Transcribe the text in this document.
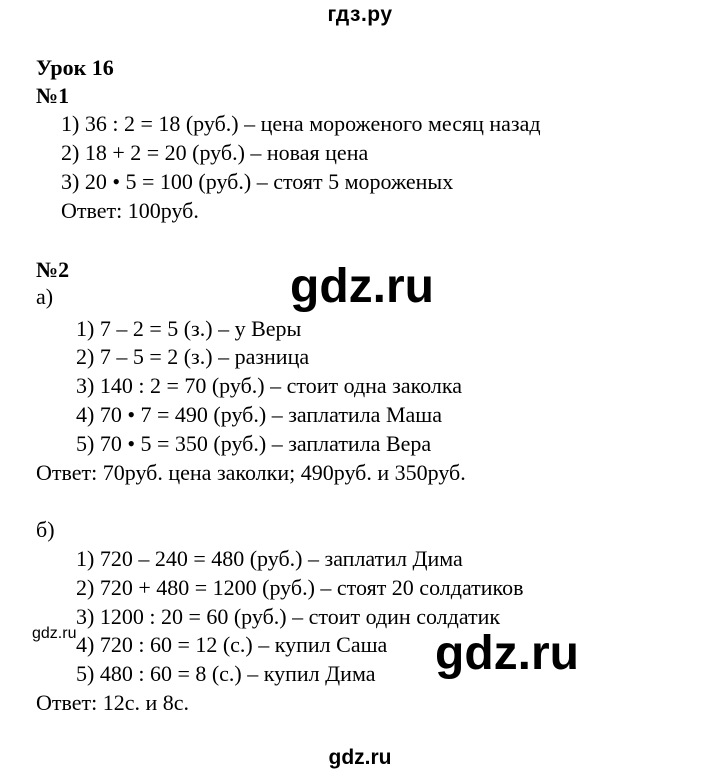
гдз.ру
Урок 16
№1
1) 36 : 2 = 18 (руб.) – цена мороженого месяц назад
2) 18 + 2 = 20 (руб.) – новая цена
3) 20 • 5 = 100 (руб.) – стоят 5 мороженых
Ответ: 100руб.
№2
а)
1) 7 – 2 = 5 (з.) – у Веры
2) 7 – 5 = 2 (з.) – разница
3) 140 : 2 = 70 (руб.) – стоит одна заколка
4) 70 • 7 = 490 (руб.) – заплатила Маша
5) 70 • 5 = 350 (руб.) – заплатила Вера
Ответ: 70руб. цена заколки; 490руб. и 350руб.
б)
1) 720 – 240 = 480 (руб.) – заплатил Дима
2) 720 + 480 = 1200 (руб.) – стоят 20 солдатиков
3) 1200 : 20 = 60 (руб.) – стоит один солдатик
4) 720 : 60 = 12 (с.) – купил Саша
5) 480 : 60 = 8 (с.) – купил Дима
Ответ: 12с. и 8с.
gdz.ru
gdz.ru	gdz.ru
gdz.ru
